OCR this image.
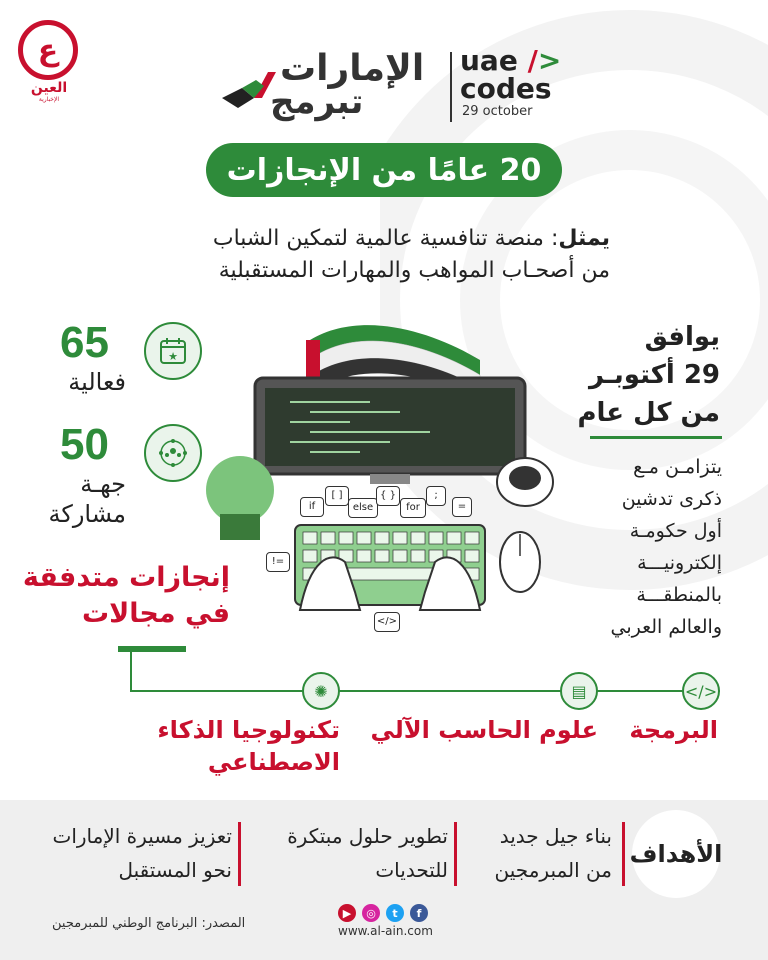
ع
العين
الإخبارية
الإمارات
تبرمج
uae />
codes
29 october
20 عامًا من الإنجازات
يمثل: منصة تنافسية عالمية لتمكين الشباب
من أصحـاب المواهب والمهارات المستقبلية
65
فعالية
★
50
جهـة
مشاركة	if
[ ]
else
{ }
for
;
=
!=
</>
يوافق
29 أكتوبـر
من كل عام
يتزامـن مـع
ذكرى تدشين
أول حكومـة
إلكترونيـــة
بالمنطقـــة
والعالم العربي
إنجازات متدفقة
في مجالات
</>
▤
✺
البرمجة
علوم الحاسب الآلي
تكنولوجيا الذكاء
الاصطناعي
الأهداف
بناء جيل جديد
من المبرمجين
تطوير حلول مبتكرة
للتحديات
تعزيز مسيرة الإمارات
نحو المستقبل
المصدر: البرنامج الوطني للمبرمجين
▶	◎	t	f
www.al-ain.com
